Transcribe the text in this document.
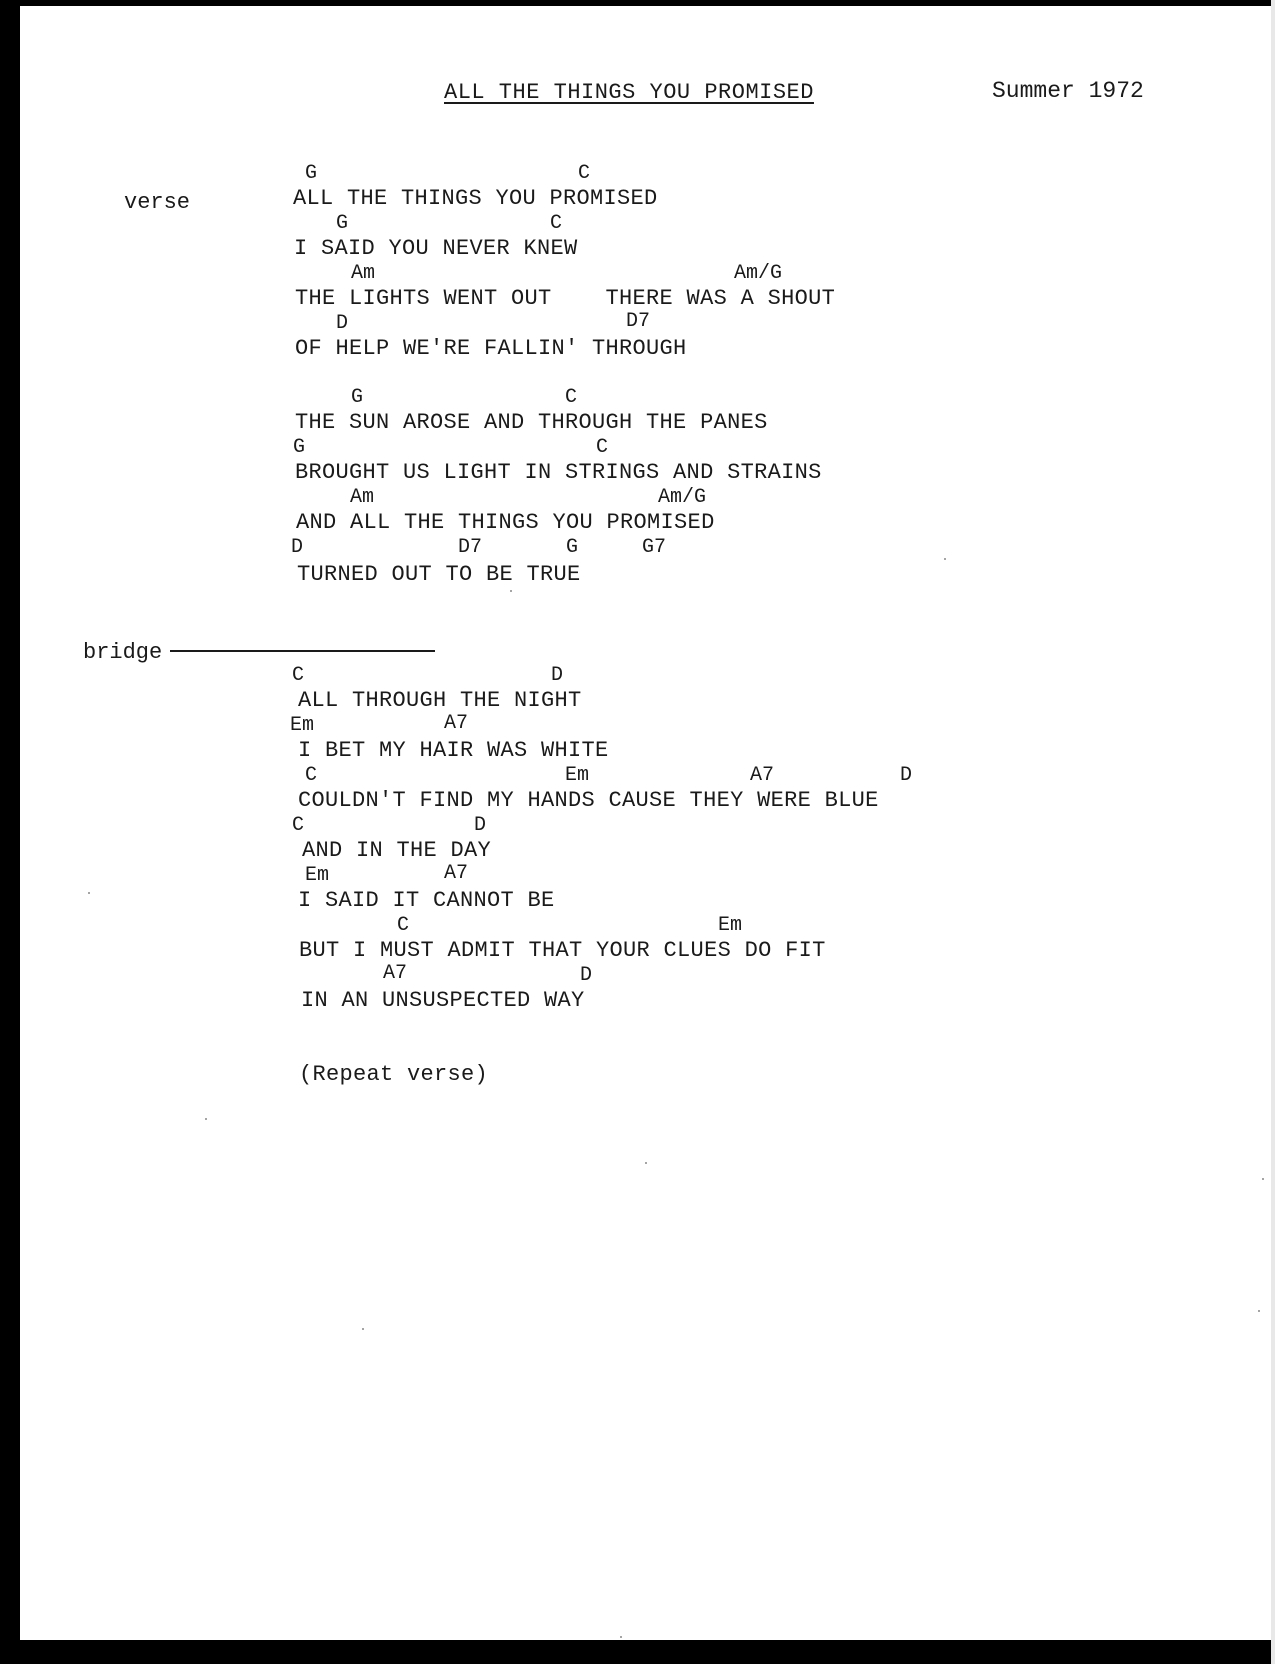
ALL THE THINGS YOU PROMISED	Summer 1972
verse
G	C
ALL THE THINGS YOU PROMISED
G	C
I SAID YOU NEVER KNEW
Am	Am/G
THE LIGHTS WENT OUT    THERE WAS A SHOUT
D	D7
OF HELP WE'RE FALLIN' THROUGH
G	C
THE SUN AROSE AND THROUGH THE PANES
G	C
BROUGHT US LIGHT IN STRINGS AND STRAINS
Am	Am/G
AND ALL THE THINGS YOU PROMISED
D	D7	G	G7
TURNED OUT TO BE TRUE
bridge
C	D
ALL THROUGH THE NIGHT
Em	A7
I BET MY HAIR WAS WHITE
C	Em	A7	D
COULDN'T FIND MY HANDS CAUSE THEY WERE BLUE
C	D
AND IN THE DAY
Em	A7
I SAID IT CANNOT BE
C	Em
BUT I MUST ADMIT THAT YOUR CLUES DO FIT
A7	D
IN AN UNSUSPECTED WAY
(Repeat verse)
